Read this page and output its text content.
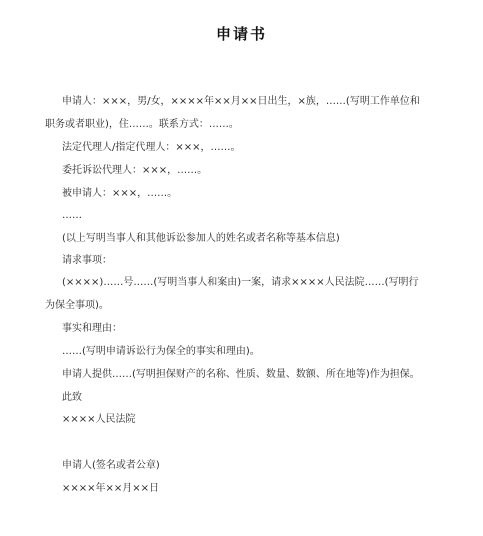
申请书
申请人：×××，男/女，××××年××月××日出生，×族，……(写明工作单位和
职务或者职业)，住……。联系方式：……。
法定代理人/指定代理人：×××，……。
委托诉讼代理人：×××，……。
被申请人：×××，……。
……
(以上写明当事人和其他诉讼参加人的姓名或者名称等基本信息)
请求事项：
(××××)……号……(写明当事人和案由)一案，请求××××人民法院……(写明行
为保全事项)。
事实和理由：
……(写明申请诉讼行为保全的事实和理由)。
申请人提供……(写明担保财产的名称、性质、数量、数额、所在地等)作为担保。
此致
××××人民法院
申请人(签名或者公章)
××××年××月××日
